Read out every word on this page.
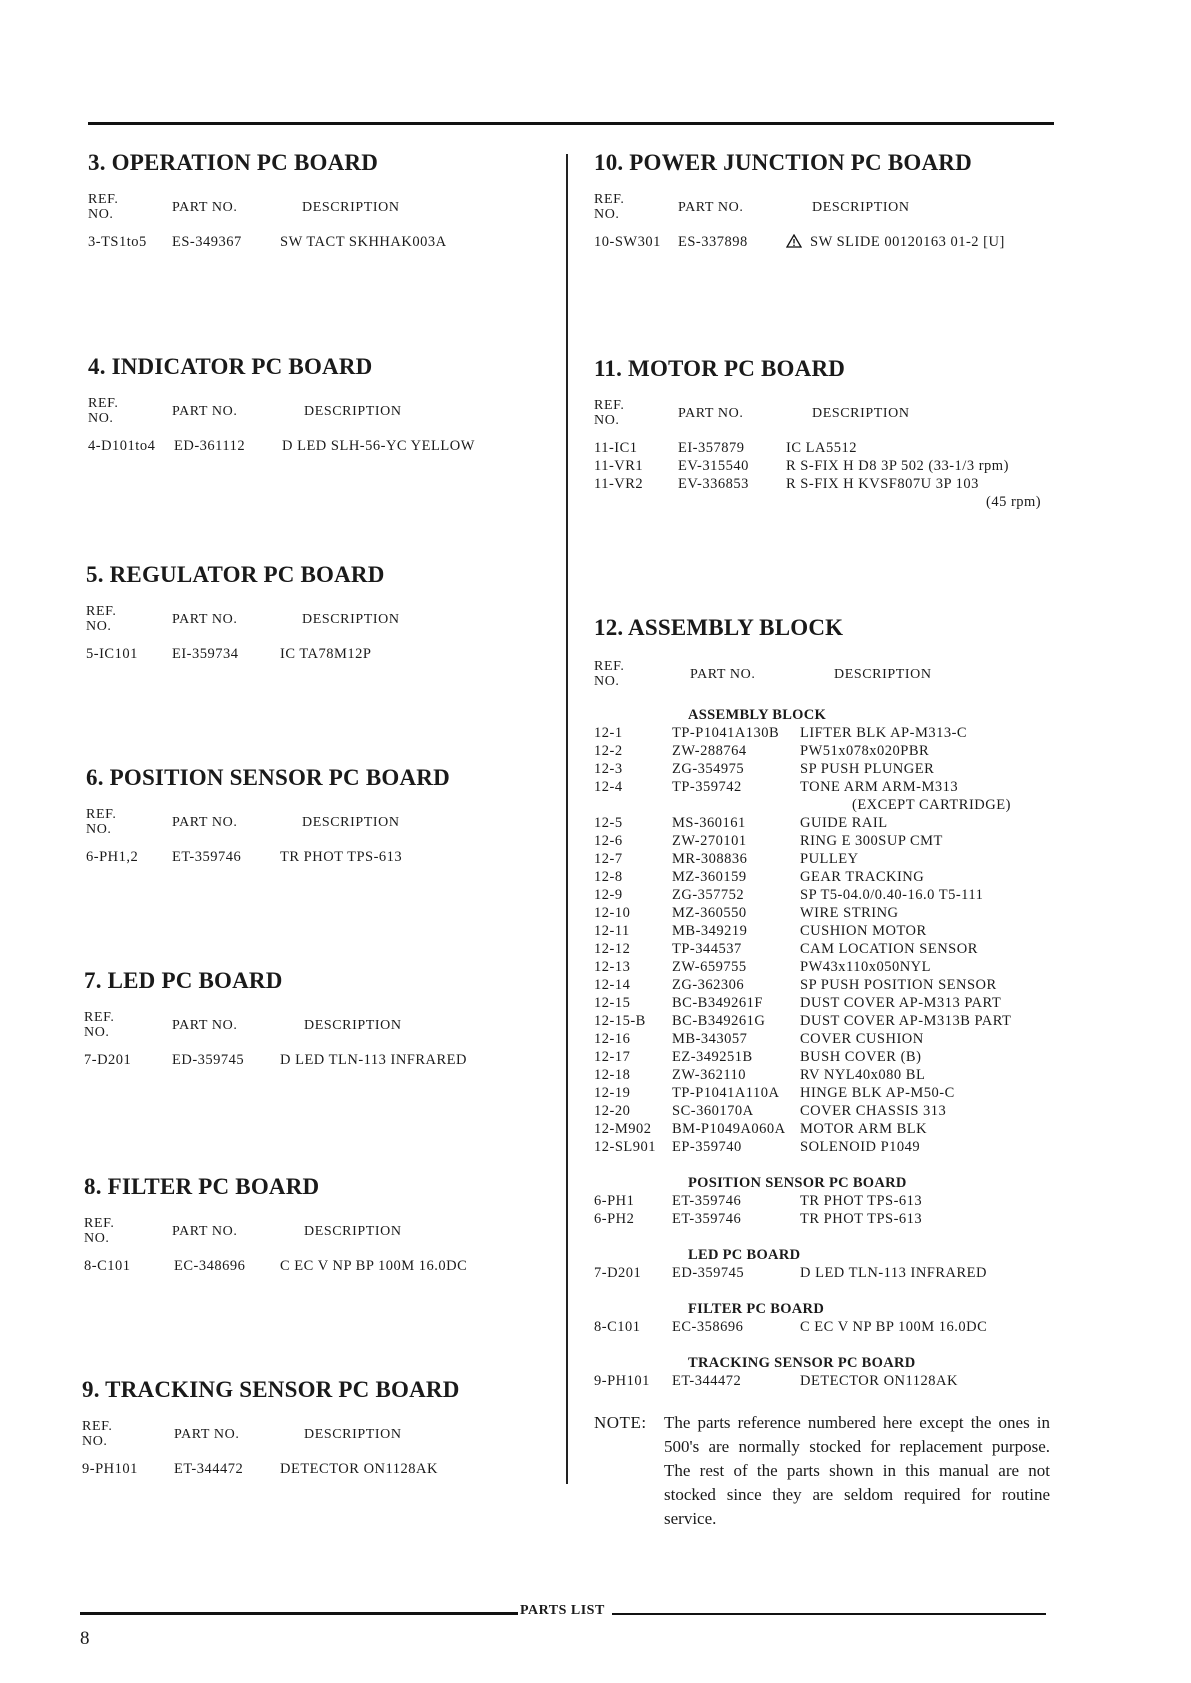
3. OPERATION PC BOARD
REF. NO.	PART NO.	DESCRIPTION
3-TS1to5 ES-349367	SW TACT SKHHAK003A
4. INDICATOR PC BOARD
REF. NO.	PART NO.	DESCRIPTION
4-D101to4 ED-361112	D LED SLH-56-YC YELLOW
5. REGULATOR PC BOARD
REF. NO.	PART NO.	DESCRIPTION
5-IC101 EI-359734	IC TA78M12P
6. POSITION SENSOR PC BOARD
REF. NO.	PART NO.	DESCRIPTION
6-PH1,2 ET-359746	TR PHOT TPS-613
7. LED PC BOARD
REF. NO.	PART NO.	DESCRIPTION
7-D201	ED-359745 D LED TLN-113 INFRARED
8. FILTER PC BOARD
REF. NO.	PART NO.	DESCRIPTION
8-C101	EC-348696 C EC V NP BP 100M 16.0DC
9. TRACKING SENSOR PC BOARD
REF. NO.	PART NO.	DESCRIPTION
9-PH101 ET-344472	DETECTOR ON1128AK
10. POWER JUNCTION PC BOARD
REF. NO.	PART NO.	DESCRIPTION
10-SW301 ES-337898	SW SLIDE 00120163 01-2 [U]
11. MOTOR PC BOARD
REF. NO.	PART NO.	DESCRIPTION
11-IC1	EI-357879	IC LA5512
11-VR1 EV-315540	R S-FIX H D8 3P 502 (33-1/3 rpm)
11-VR2 EV-336853	R S-FIX H KVSF807U 3P 103
(45 rpm)
12. ASSEMBLY BLOCK
REF. NO.	PART NO.	DESCRIPTION
ASSEMBLY BLOCK
12-1	TP-P1041A130B LIFTER BLK AP-M313-C
12-2	ZW-288764	PW51x078x020PBR
12-3	ZG-354975	SP PUSH PLUNGER
12-4	TP-359742	TONE ARM ARM-M313
(EXCEPT CARTRIDGE)
12-5	MS-360161	GUIDE RAIL
12-6	ZW-270101	RING E 300SUP CMT
12-7	MR-308836	PULLEY
12-8	MZ-360159	GEAR TRACKING
12-9	ZG-357752	SP T5-04.0/0.40-16.0 T5-111
12-10	MZ-360550	WIRE STRING
12-11	MB-349219	CUSHION MOTOR
12-12	TP-344537	CAM LOCATION SENSOR
12-13	ZW-659755	PW43x110x050NYL
12-14	ZG-362306	SP PUSH POSITION SENSOR
12-15	BC-B349261F	DUST COVER AP-M313 PART
12-15-B BC-B349261G DUST COVER AP-M313B PART
12-16	MB-343057	COVER CUSHION
12-17	EZ-349251B	BUSH COVER (B)
12-18	ZW-362110	RV NYL40x080 BL
12-19	TP-P1041A110A HINGE BLK AP-M50-C
12-20	SC-360170A	COVER CHASSIS 313
12-M902 BM-P1049A060A MOTOR ARM BLK
12-SL901 EP-359740	SOLENOID P1049
POSITION SENSOR PC BOARD
6-PH1	ET-359746	TR PHOT TPS-613
6-PH2	ET-359746	TR PHOT TPS-613
LED PC BOARD
7-D201 ED-359745	D LED TLN-113 INFRARED
FILTER PC BOARD
8-C101 EC-358696	C EC V NP BP 100M 16.0DC
TRACKING SENSOR PC BOARD
9-PH101 ET-344472	DETECTOR ON1128AK
NOTE: The parts reference numbered here except the ones in 500's are normally stocked for replacement purpose. The rest of the parts shown in this manual are not stocked since they are seldom required for routine service.
PARTS LIST
8
